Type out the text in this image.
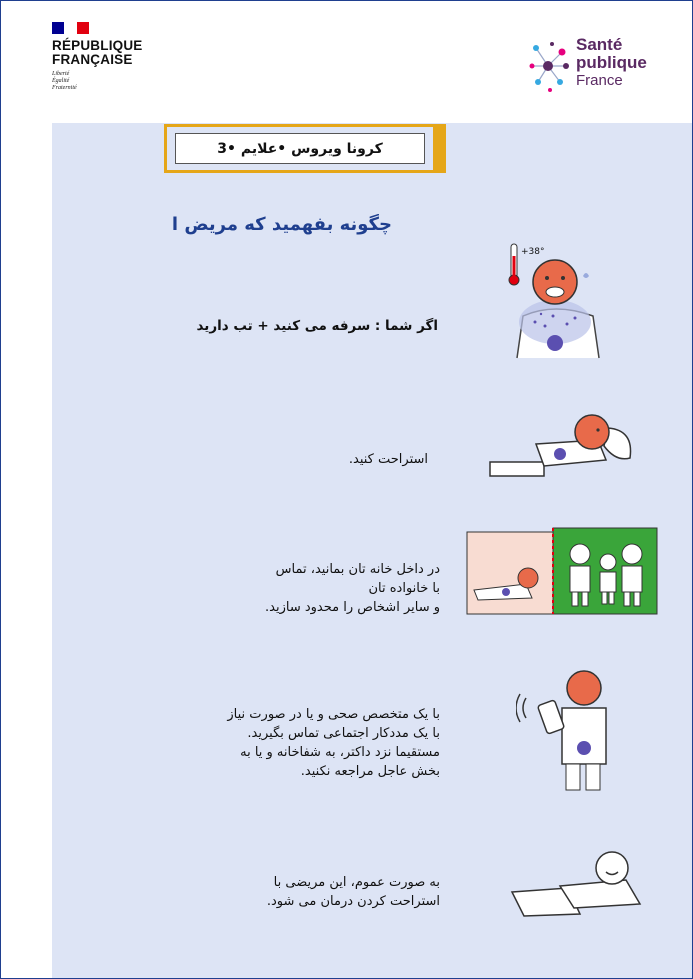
RÉPUBLIQUE
FRANÇAISE
Liberté
Égalité
Fraternité
Santé
publique
France
کرونا ویروس •علایم •3
چگونه بفهمید که مریض ا
اگر شما : سرفه می کنید + تب دارید
+38°
استراحت کنید.
در داخل خانه تان بمانید، تماس
با خانواده تان
و سایر اشخاص را محدود سازید.
با یک متخصص صحی و یا در صورت نیاز
با یک مددکار اجتماعی تماس بگیرید.
مستقیما نزد داکتر، به شفاخانه و یا به
بخش عاجل مراجعه نکنید.
به صورت عموم، این مریضی با
استراحت کردن درمان می شود.
